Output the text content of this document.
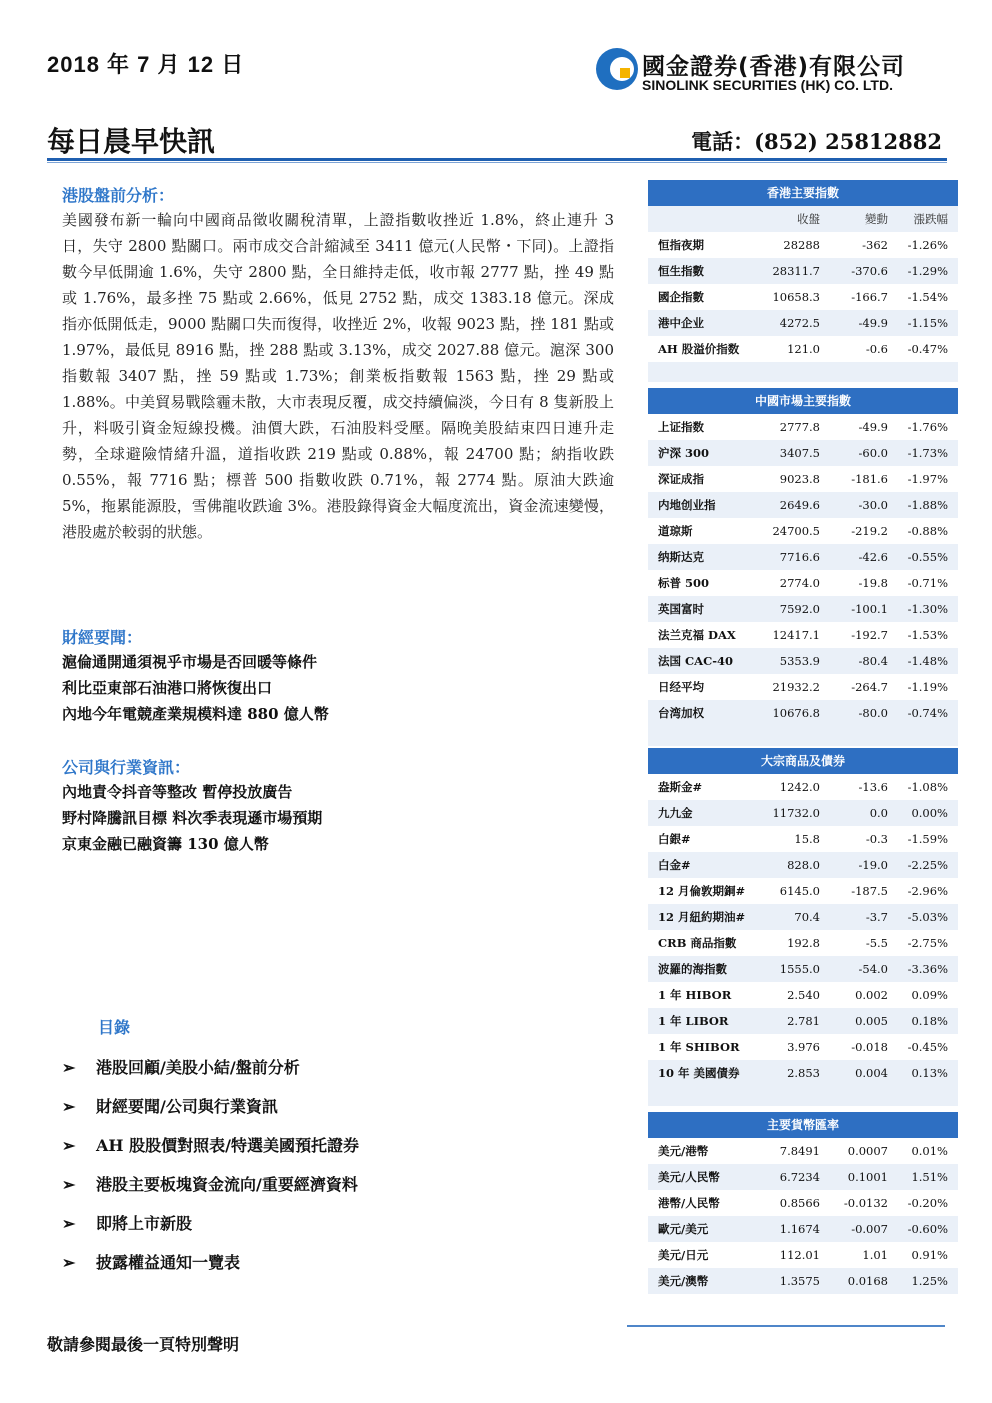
2018 年 7 月 12 日	國金證券(香港)有限公司
SINOLINK SECURITIES (HK) CO. LTD.
每日晨早快訊	電話：(852) 25812882
港股盤前分析：
美國發布新一輪向中國商品徵收關稅清單，上證指數收挫近 1.8%，終止連升 3 日，失守 2800 點關口。兩市成交合計縮減至 3411 億元(人民幣・下同)。上證指數今早低開逾 1.6%，失守 2800 點，全日維持走低，收市報 2777 點，挫 49 點或 1.76%，最多挫 75 點或 2.66%，低見 2752 點，成交 1383.18 億元。深成指亦低開低走，9000 點關口失而復得，收挫近 2%，收報 9023 點，挫 181 點或 1.97%，最低見 8916 點，挫 288 點或 3.13%，成交 2027.88 億元。滬深 300 指數報 3407 點，挫 59 點或 1.73%；創業板指數報 1563 點，挫 29 點或 1.88%。中美貿易戰陰霾未散，大市表現反覆，成交持續偏淡，今日有 8 隻新股上升，料吸引資金短線投機。油價大跌，石油股料受壓。隔晚美股結束四日連升走勢，全球避險情緒升溫，道指收跌 219 點或 0.88%，報 24700 點；納指收跌 0.55%，報 7716 點；標普 500 指數收跌 0.71%，報 2774 點。原油大跌逾 5%，拖累能源股，雪佛龍收跌逾 3%。港股錄得資金大幅度流出，資金流速變慢，港股處於較弱的狀態。
財經要聞：
滬倫通開通須視乎市場是否回暖等條件
利比亞東部石油港口將恢復出口
內地今年電競產業規模料達 880 億人幣
公司與行業資訊：
內地責令抖音等整改 暫停投放廣告
野村降騰訊目標 料次季表現遜市場預期
京東金融已融資籌 130 億人幣
目錄
➢ 港股回顧/美股小結/盤前分析
➢ 財經要聞/公司與行業資訊
➢ AH 股股價對照表/特選美國預托證券
➢ 港股主要板塊資金流向/重要經濟資料
➢ 即將上市新股
➢ 披露權益通知一覽表
敬請參閱最後一頁特別聲明
香港主要指數
收盤	變動	漲跌幅
恒指夜期	28288	-362	-1.26%
恒生指數	28311.7	-370.6	-1.29%
國企指數	10658.3	-166.7	-1.54%
港中企业	4272.5	-49.9	-1.15%
AH 股溢价指数	121.0	-0.6	-0.47%
中國市場主要指數
上证指数	2777.8	-49.9	-1.76%
沪深 300	3407.5	-60.0	-1.73%
深证成指	9023.8	-181.6	-1.97%
内地创业指	2649.6	-30.0	-1.88%
道琼斯	24700.5	-219.2	-0.88%
纳斯达克	7716.6	-42.6	-0.55%
标普 500	2774.0	-19.8	-0.71%
英国富时	7592.0	-100.1	-1.30%
法兰克福 DAX	12417.1	-192.7	-1.53%
法国 CAC-40	5353.9	-80.4	-1.48%
日经平均	21932.2	-264.7	-1.19%
台湾加权	10676.8	-80.0	-0.74%
大宗商品及債券
盎斯金#	1242.0	-13.6	-1.08%
九九金	11732.0	0.0	0.00%
白銀#	15.8	-0.3	-1.59%
白金#	828.0	-19.0	-2.25%
12 月倫敦期銅#	6145.0	-187.5	-2.96%
12 月紐約期油#	70.4	-3.7	-5.03%
CRB 商品指數	192.8	-5.5	-2.75%
波羅的海指數	1555.0	-54.0	-3.36%
1 年 HIBOR	2.540	0.002	0.09%
1 年 LIBOR	2.781	0.005	0.18%
1 年 SHIBOR	3.976	-0.018	-0.45%
10 年 美國債券	2.853	0.004	0.13%
主要貨幣匯率
美元/港幣	7.8491	0.0007	0.01%
美元/人民幣	6.7234	0.1001	1.51%
港幣/人民幣	0.8566	-0.0132	-0.20%
歐元/美元	1.1674	-0.007	-0.60%
美元/日元	112.01	1.01	0.91%
美元/澳幣	1.3575	0.0168	1.25%
